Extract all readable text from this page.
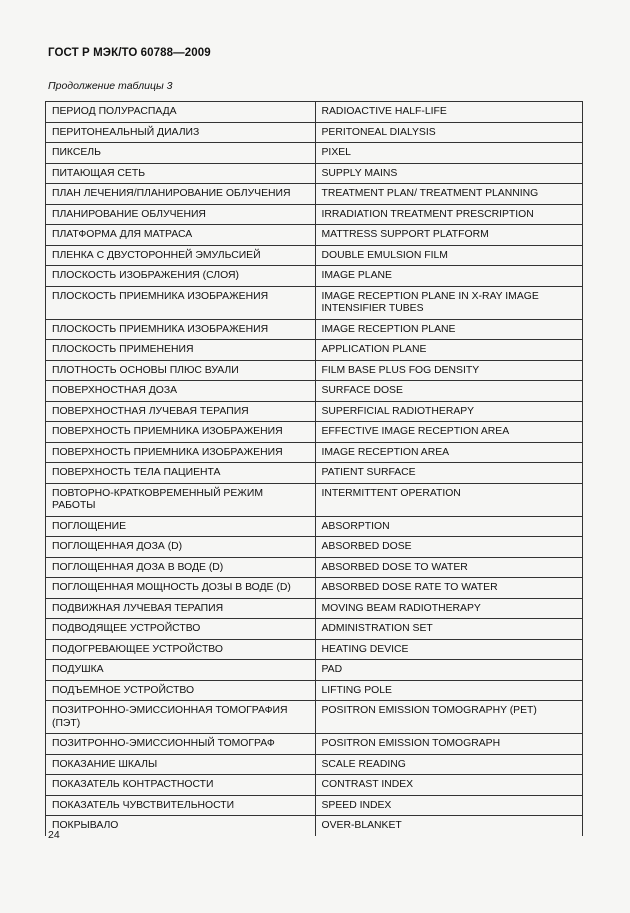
ГОСТ Р МЭК/ТО 60788—2009
Продолжение таблицы 3
ПЕРИОД ПОЛУРАСПАДА	RADIOACTIVE HALF-LIFE
ПЕРИТОНЕАЛЬНЫЙ ДИАЛИЗ	PERITONEAL DIALYSIS
ПИКСЕЛЬ	PIXEL
ПИТАЮЩАЯ СЕТЬ	SUPPLY MAINS
ПЛАН ЛЕЧЕНИЯ/ПЛАНИРОВАНИЕ ОБЛУЧЕНИЯ	TREATMENT PLAN/ TREATMENT PLANNING
ПЛАНИРОВАНИЕ ОБЛУЧЕНИЯ	IRRADIATION TREATMENT PRESCRIPTION
ПЛАТФОРМА ДЛЯ МАТРАСА	MATTRESS SUPPORT PLATFORM
ПЛЕНКА С ДВУСТОРОННЕЙ ЭМУЛЬСИЕЙ	DOUBLE EMULSION FILM
ПЛОСКОСТЬ ИЗОБРАЖЕНИЯ (СЛОЯ)	IMAGE PLANE
ПЛОСКОСТЬ ПРИЕМНИКА ИЗОБРАЖЕНИЯ	IMAGE RECEPTION PLANE IN X-RAY IMAGE INTENSIFIER TUBES
ПЛОСКОСТЬ ПРИЕМНИКА ИЗОБРАЖЕНИЯ	IMAGE RECEPTION PLANE
ПЛОСКОСТЬ ПРИМЕНЕНИЯ	APPLICATION PLANE
ПЛОТНОСТЬ ОСНОВЫ ПЛЮС ВУАЛИ	FILM BASE PLUS FOG DENSITY
ПОВЕРХНОСТНАЯ ДОЗА	SURFACE DOSE
ПОВЕРХНОСТНАЯ ЛУЧЕВАЯ ТЕРАПИЯ	SUPERFICIAL RADIOTHERAPY
ПОВЕРХНОСТЬ ПРИЕМНИКА ИЗОБРАЖЕНИЯ	EFFECTIVE IMAGE RECEPTION AREA
ПОВЕРХНОСТЬ ПРИЕМНИКА ИЗОБРАЖЕНИЯ	IMAGE RECEPTION AREA
ПОВЕРХНОСТЬ ТЕЛА ПАЦИЕНТА	PATIENT SURFACE
ПОВТОРНО-КРАТКОВРЕМЕННЫЙ РЕЖИМ РАБОТЫ	INTERMITTENT OPERATION
ПОГЛОЩЕНИЕ	ABSORPTION
ПОГЛОЩЕННАЯ ДОЗА (D)	ABSORBED DOSE
ПОГЛОЩЕННАЯ ДОЗА В ВОДЕ (D)	ABSORBED DOSE TO WATER
ПОГЛОЩЕННАЯ МОЩНОСТЬ ДОЗЫ В ВОДЕ (D)	ABSORBED DOSE RATE TO WATER
ПОДВИЖНАЯ ЛУЧЕВАЯ ТЕРАПИЯ	MOVING BEAM RADIOTHERAPY
ПОДВОДЯЩЕЕ УСТРОЙСТВО	ADMINISTRATION SET
ПОДОГРЕВАЮЩЕЕ УСТРОЙСТВО	HEATING DEVICE
ПОДУШКА	PAD
ПОДЪЕМНОЕ УСТРОЙСТВО	LIFTING POLE
ПОЗИТРОННО-ЭМИССИОННАЯ ТОМОГРАФИЯ (ПЭТ)	POSITRON EMISSION TOMOGRAPHY (PET)
ПОЗИТРОННО-ЭМИССИОННЫЙ ТОМОГРАФ	POSITRON EMISSION TOMOGRAPH
ПОКАЗАНИЕ ШКАЛЫ	SCALE READING
ПОКАЗАТЕЛЬ КОНТРАСТНОСТИ	CONTRAST INDEX
ПОКАЗАТЕЛЬ ЧУВСТВИТЕЛЬНОСТИ	SPEED INDEX
ПОКРЫВАЛО	OVER-BLANKET
24
